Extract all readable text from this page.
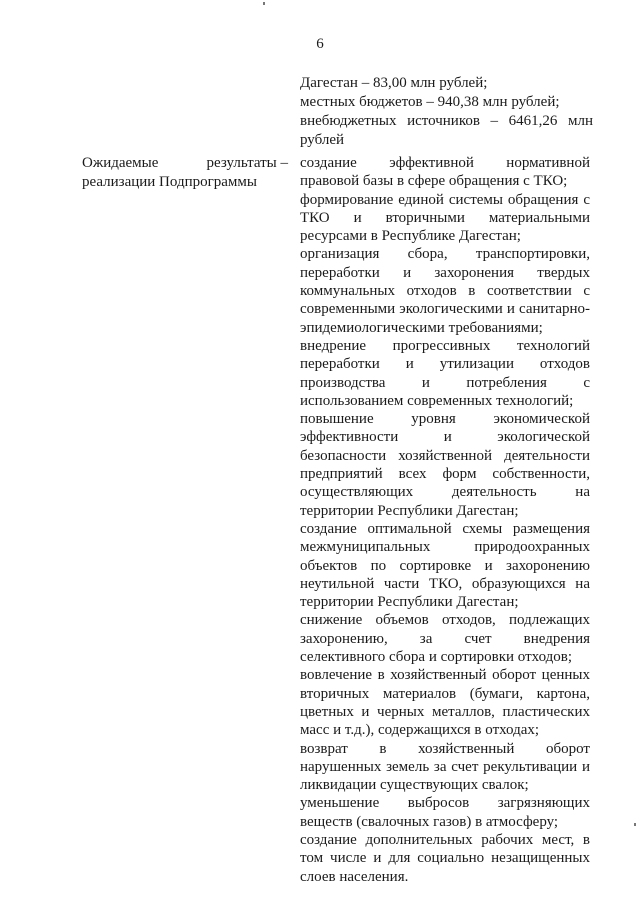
6
Дагестан – 83,00 млн рублей;
местных бюджетов – 940,38 млн рублей;
внебюджетных источников – 6461,26 млн
рублей
Ожидаемые	результаты –
реализации Подпрограммы
создание эффективной нормативной
правовой базы в сфере обращения с ТКО;
формирование единой системы обращения с
ТКО и вторичными материальными
ресурсами в Республике Дагестан;
организация сбора, транспортировки,
переработки и захоронения твердых
коммунальных отходов в соответствии с
современными экологическими и санитарно-
эпидемиологическими требованиями;
внедрение прогрессивных технологий
переработки и утилизации отходов
производства и потребления с
использованием современных технологий;
повышение уровня экономической
эффективности и экологической
безопасности хозяйственной деятельности
предприятий всех форм собственности,
осуществляющих деятельность на
территории Республики Дагестан;
создание оптимальной схемы размещения
межмуниципальных природоохранных
объектов по сортировке и захоронению
неутильной части ТКО, образующихся на
территории Республики Дагестан;
снижение объемов отходов, подлежащих
захоронению, за счет внедрения
селективного сбора и сортировки отходов;
вовлечение в хозяйственный оборот ценных
вторичных материалов (бумаги, картона,
цветных и черных металлов, пластических
масс и т.д.), содержащихся в отходах;
возврат в хозяйственный оборот
нарушенных земель за счет рекультивации и
ликвидации существующих свалок;
уменьшение выбросов загрязняющих
веществ (свалочных газов) в атмосферу;
создание дополнительных рабочих мест, в
том числе и для социально незащищенных
слоев населения.
